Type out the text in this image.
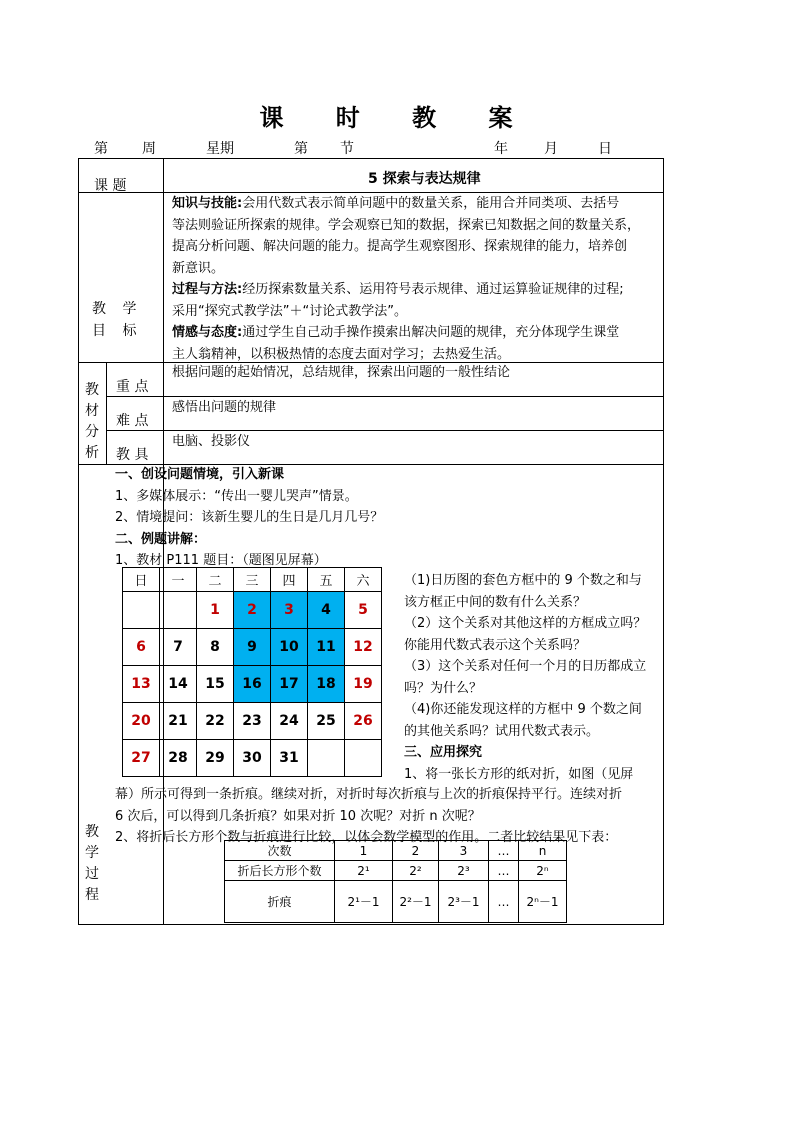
课 时 教 案
第 周	星期	第 节	年	月	日
课 题	5 探索与表达规律
教 学
目 标
知识与技能:会用代数式表示简单问题中的数量关系，能用合并同类项、去括号
等法则验证所探索的规律。学会观察已知的数据，探索已知数据之间的数量关系，
提高分析问题、解决问题的能力。提高学生观察图形、探索规律的能力，培养创
新意识。
过程与方法:经历探索数量关系、运用符号表示规律、通过运算验证规律的过程;
采用“探究式教学法”＋“讨论式教学法”。
情感与态度:通过学生自己动手操作摸索出解决问题的规律，充分体现学生课堂
主人翁精神，以积极热情的态度去面对学习；去热爱生活。
教
材
分
析
重 点
根据问题的起始情况，总结规律，探索出问题的一般性结论
难 点
感悟出问题的规律
教 具
电脑、投影仪
教
学
过
程
一、创设问题情境，引入新课
1、多媒体展示：“传出一婴儿哭声”情景。
2、情境提问：该新生婴儿的生日是几月几号？
二、例题讲解：
1、教材 P111 题目：（题图见屏幕）
日	一	二	三	四	五	六
		1	2	3	4	5
6	7	8	9	10	11	12
13	14	15	16	17	18	19
20	21	22	23	24	25	26
27	28	29	30	31		
（1)日历图的套色方框中的 9 个数之和与
该方框正中间的数有什么关系？
（2）这个关系对其他这样的方框成立吗？
你能用代数式表示这个关系吗？
（3）这个关系对任何一个月的日历都成立
吗？为什么？
（4)你还能发现这样的方框中 9 个数之间
的其他关系吗？试用代数式表示。
三、应用探究
1、将一张长方形的纸对折，如图（见屏
幕）所示可得到一条折痕。继续对折，对折时每次折痕与上次的折痕保持平行。连续对折
6 次后，可以得到几条折痕？如果对折 10 次呢？对折 n 次呢？
2、将折后长方形个数与折痕进行比较，以体会数学模型的作用。二者比较结果见下表：
次数	1	2	3	…	n
折后长方形个数	2¹	2²	2³	…	2ⁿ
折痕	2¹－1	2²－1	2³－1	…	2ⁿ－1
